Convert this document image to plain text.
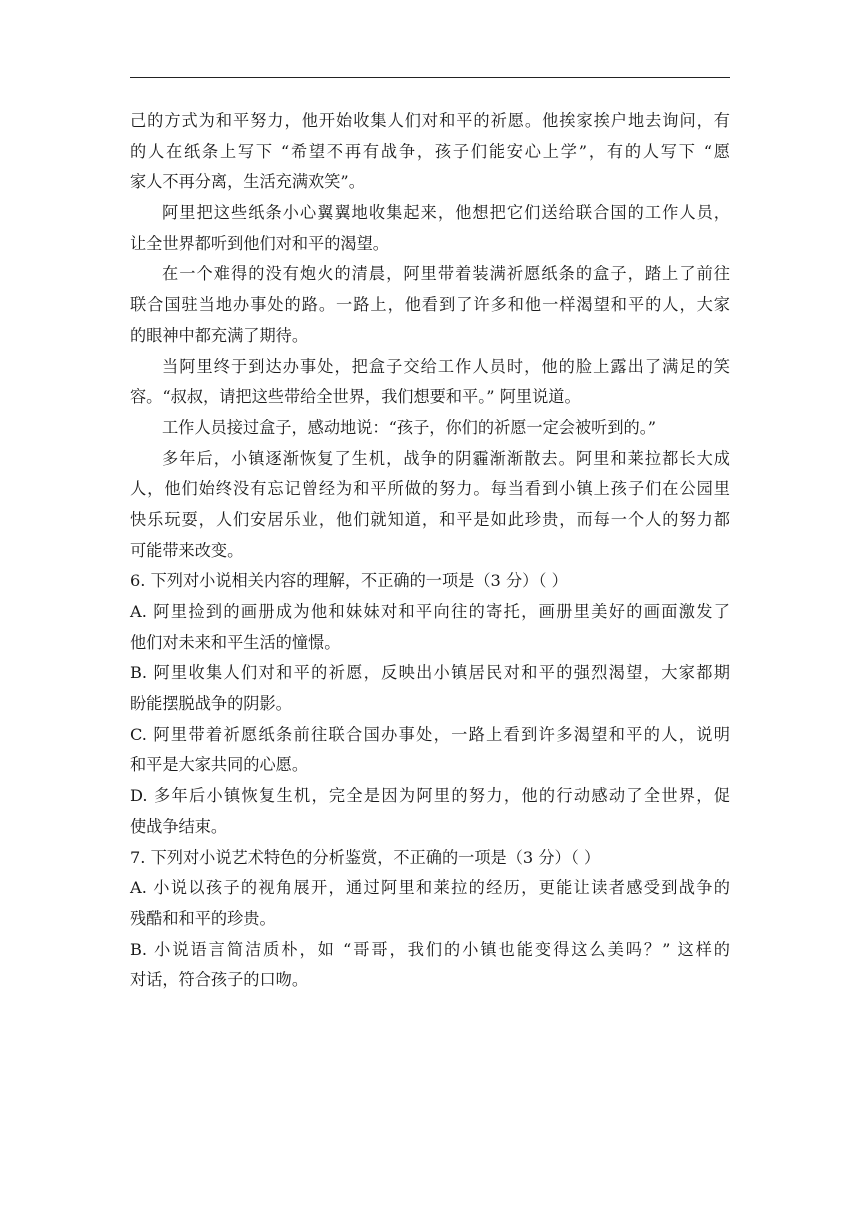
己的方式为和平努力，他开始收集人们对和平的祈愿。他挨家挨户地去询问，有
的人在纸条上写下 “希望不再有战争，孩子们能安心上学”，有的人写下 “愿
家人不再分离，生活充满欢笑”。
阿里把这些纸条小心翼翼地收集起来，他想把它们送给联合国的工作人员，
让全世界都听到他们对和平的渴望。
在一个难得的没有炮火的清晨，阿里带着装满祈愿纸条的盒子，踏上了前往
联合国驻当地办事处的路。一路上，他看到了许多和他一样渴望和平的人，大家
的眼神中都充满了期待。
当阿里终于到达办事处，把盒子交给工作人员时，他的脸上露出了满足的笑
容。“叔叔，请把这些带给全世界，我们想要和平。” 阿里说道。
工作人员接过盒子，感动地说：“孩子，你们的祈愿一定会被听到的。”
多年后，小镇逐渐恢复了生机，战争的阴霾渐渐散去。阿里和莱拉都长大成
人，他们始终没有忘记曾经为和平所做的努力。每当看到小镇上孩子们在公园里
快乐玩耍，人们安居乐业，他们就知道，和平是如此珍贵，而每一个人的努力都
可能带来改变。
6. 下列对小说相关内容的理解，不正确的一项是（3 分）（ ）
A. 阿里捡到的画册成为他和妹妹对和平向往的寄托，画册里美好的画面激发了
他们对未来和平生活的憧憬。
B. 阿里收集人们对和平的祈愿，反映出小镇居民对和平的强烈渴望，大家都期
盼能摆脱战争的阴影。
C. 阿里带着祈愿纸条前往联合国办事处，一路上看到许多渴望和平的人，说明
和平是大家共同的心愿。
D. 多年后小镇恢复生机，完全是因为阿里的努力，他的行动感动了全世界，促
使战争结束。
7. 下列对小说艺术特色的分析鉴赏，不正确的一项是（3 分）（ ）
A. 小说以孩子的视角展开，通过阿里和莱拉的经历，更能让读者感受到战争的
残酷和和平的珍贵。
B. 小说语言简洁质朴，如 “哥哥，我们的小镇也能变得这么美吗？” 这样的
对话，符合孩子的口吻。
